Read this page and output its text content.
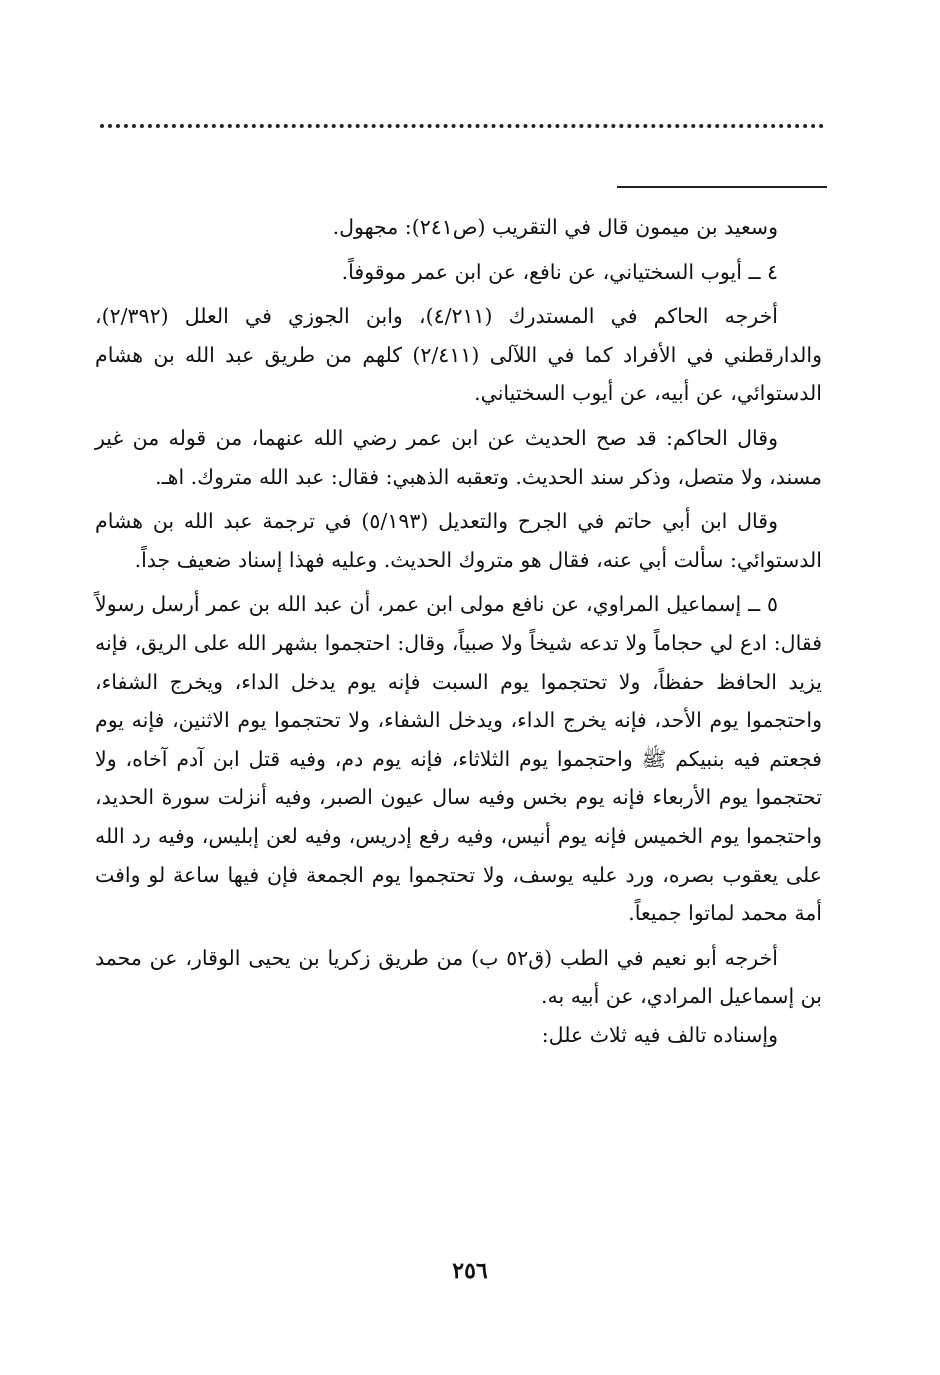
وسعيد بن ميمون قال في التقريب (ص٢٤١): مجهول.

٤ ــ أيوب السختياني، عن نافع، عن ابن عمر موقوفاً.

أخرجه الحاكم في المستدرك (٤/٢١١)، وابن الجوزي في العلل (٢/٣٩٢)، والدارقطني في الأفراد كما في اللآلى (٢/٤١١) كلهم من طريق عبد الله بن هشام الدستوائي، عن أبيه، عن أيوب السختياني.

وقال الحاكم: قد صح الحديث عن ابن عمر رضي الله عنهما، من قوله من غير مسند، ولا متصل، وذكر سند الحديث. وتعقبه الذهبي: فقال: عبد الله متروك. اهـ.

وقال ابن أبي حاتم في الجرح والتعديل (٥/١٩٣) في ترجمة عبد الله بن هشام الدستوائي: سألت أبي عنه، فقال هو متروك الحديث. وعليه فهذا إسناد ضعيف جداً.

٥ ــ إسماعيل المراوي، عن نافع مولى ابن عمر، أن عبد الله بن عمر أرسل رسولاً فقال: ادع لي حجاماً ولا تدعه شيخاً ولا صبياً، وقال: احتجموا بشهر الله على الريق، فإنه يزيد الحافظ حفظاً، ولا تحتجموا يوم السبت فإنه يوم يدخل الداء، ويخرج الشفاء، واحتجموا يوم الأحد، فإنه يخرج الداء، ويدخل الشفاء، ولا تحتجموا يوم الاثنين، فإنه يوم فجعتم فيه بنبيكم ﷺ واحتجموا يوم الثلاثاء، فإنه يوم دم، وفيه قتل ابن آدم آخاه، ولا تحتجموا يوم الأربعاء فإنه يوم بخس وفيه سال عيون الصبر، وفيه أنزلت سورة الحديد، واحتجموا يوم الخميس فإنه يوم أنيس، وفيه رفع إدريس، وفيه لعن إبليس، وفيه رد الله على يعقوب بصره، ورد عليه يوسف، ولا تحتجموا يوم الجمعة فإن فيها ساعة لو وافت أمة محمد لماتوا جميعاً.

أخرجه أبو نعيم في الطب (ق٥٢ ب) من طريق زكريا بن يحيى الوقار، عن محمد بن إسماعيل المرادي، عن أبيه به.

وإسناده تالف فيه ثلاث علل:

٢٥٦
